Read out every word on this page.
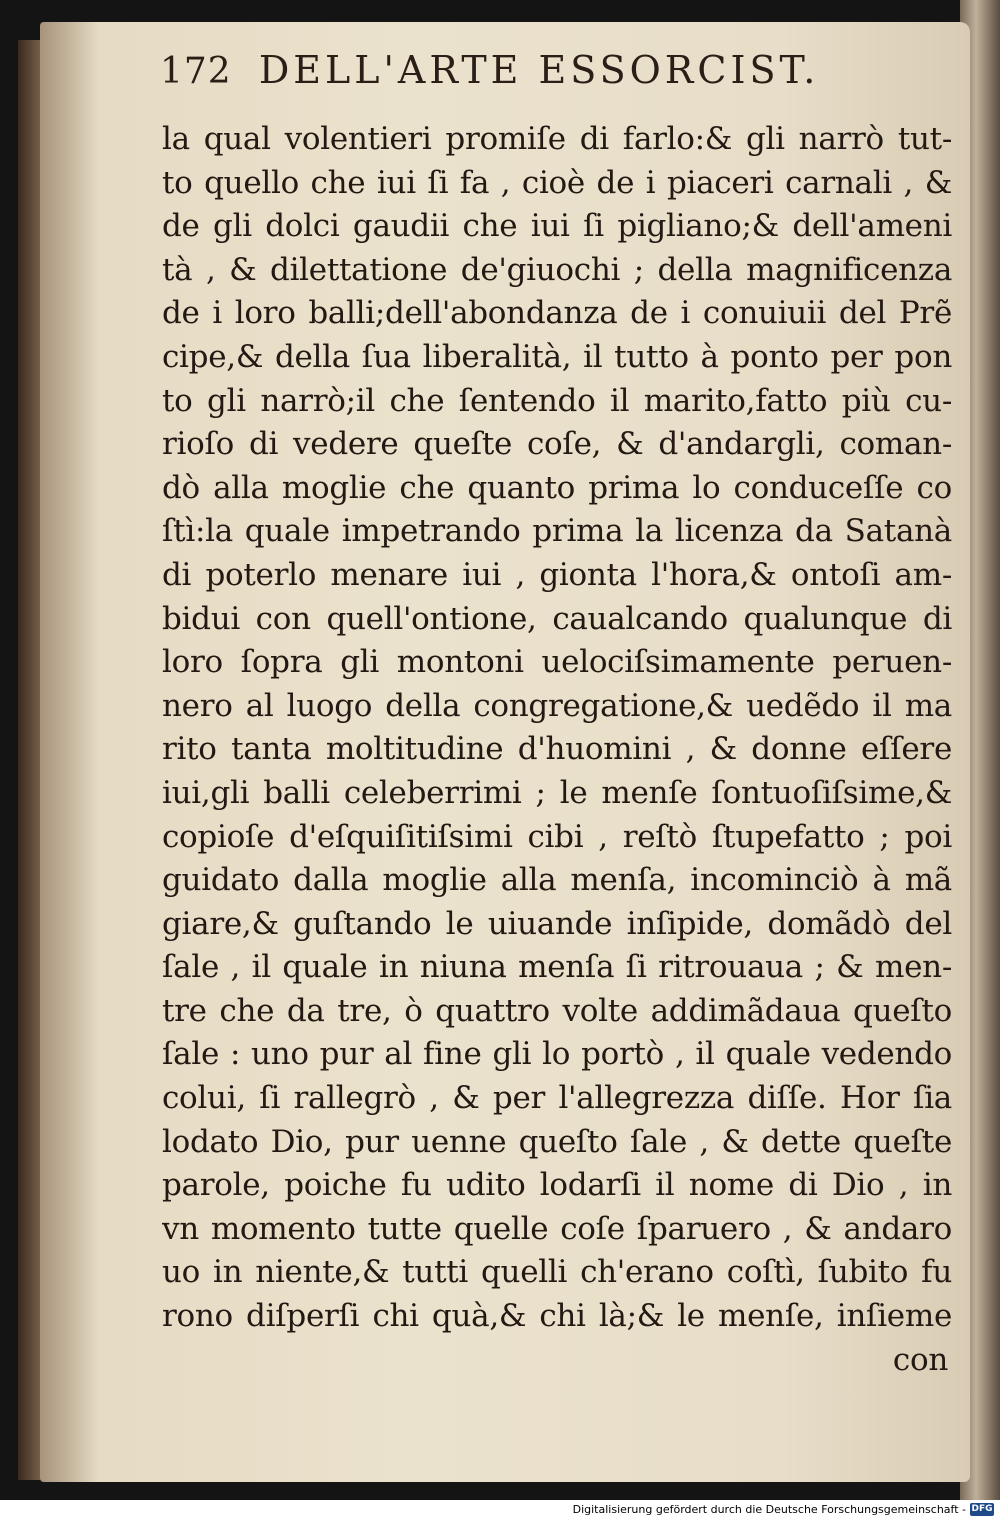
172 DELL'ARTE ESSORCIST.
la qual volentieri promiſe di farlo:& gli narrò tut-
to quello che iui ſi fa , cioè de i piaceri carnali , &
de gli dolci gaudii che iui ſi pigliano;& dell'ameni
tà , & dilettatione de'giuochi ; della magnificenza
de i loro balli;dell'abondanza de i conuiuii del Prẽ
cipe,& della ſua liberalità, il tutto à ponto per pon
to gli narrò;il che ſentendo il marito,fatto più cu-
rioſo di vedere queſte coſe, & d'andargli, coman-
dò alla moglie che quanto prima lo conduceſſe co
ſtì:la quale impetrando prima la licenza da Satanà
di poterlo menare iui , gionta l'hora,& ontoſi am-
bidui con quell'ontione, caualcando qualunque di
loro ſopra gli montoni uelociſsimamente peruen-
nero al luogo della congregatione,& uedẽdo il ma
rito tanta moltitudine d'huomini , & donne eſſere
iui,gli balli celeberrimi ; le menſe ſontuoſiſsime,&
copioſe d'eſquiſitiſsimi cibi , reſtò ſtupefatto ; poi
guidato dalla moglie alla menſa, incominciò à mã
giare,& guſtando le uiuande inſipide, domãdò del
ſale , il quale in niuna menſa ſi ritrouaua ; & men-
tre che da tre, ò quattro volte addimãdaua queſto
ſale : uno pur al fine gli lo portò , il quale vedendo
colui, ſi rallegrò , & per l'allegrezza diſſe. Hor ſia
lodato Dio, pur uenne queſto ſale , & dette queſte
parole, poiche fu udito lodarſi il nome di Dio , in
vn momento tutte quelle coſe ſparuero , & andaro
uo in niente,& tutti quelli ch'erano coſtì, ſubito fu
rono diſperſi chi quà,& chi là;& le menſe, inſieme
con
Digitalisierung gefördert durch die Deutsche Forschungsgemeinschaft - DFG
